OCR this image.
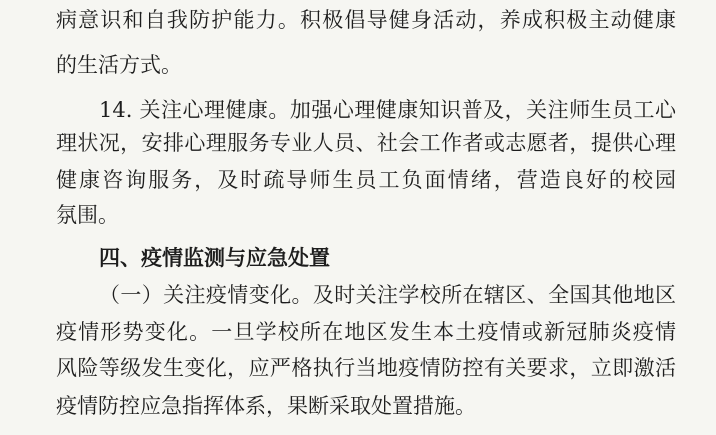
病意识和自我防护能力。积极倡导健身活动，养成积极主动健康
的生活方式。
14. 关注心理健康。加强心理健康知识普及，关注师生员工心
理状况，安排心理服务专业人员、社会工作者或志愿者，提供心理
健康咨询服务，及时疏导师生员工负面情绪，营造良好的校园
氛围。
四、疫情监测与应急处置
（一）关注疫情变化。及时关注学校所在辖区、全国其他地区
疫情形势变化。一旦学校所在地区发生本土疫情或新冠肺炎疫情
风险等级发生变化，应严格执行当地疫情防控有关要求，立即激活
疫情防控应急指挥体系，果断采取处置措施。
